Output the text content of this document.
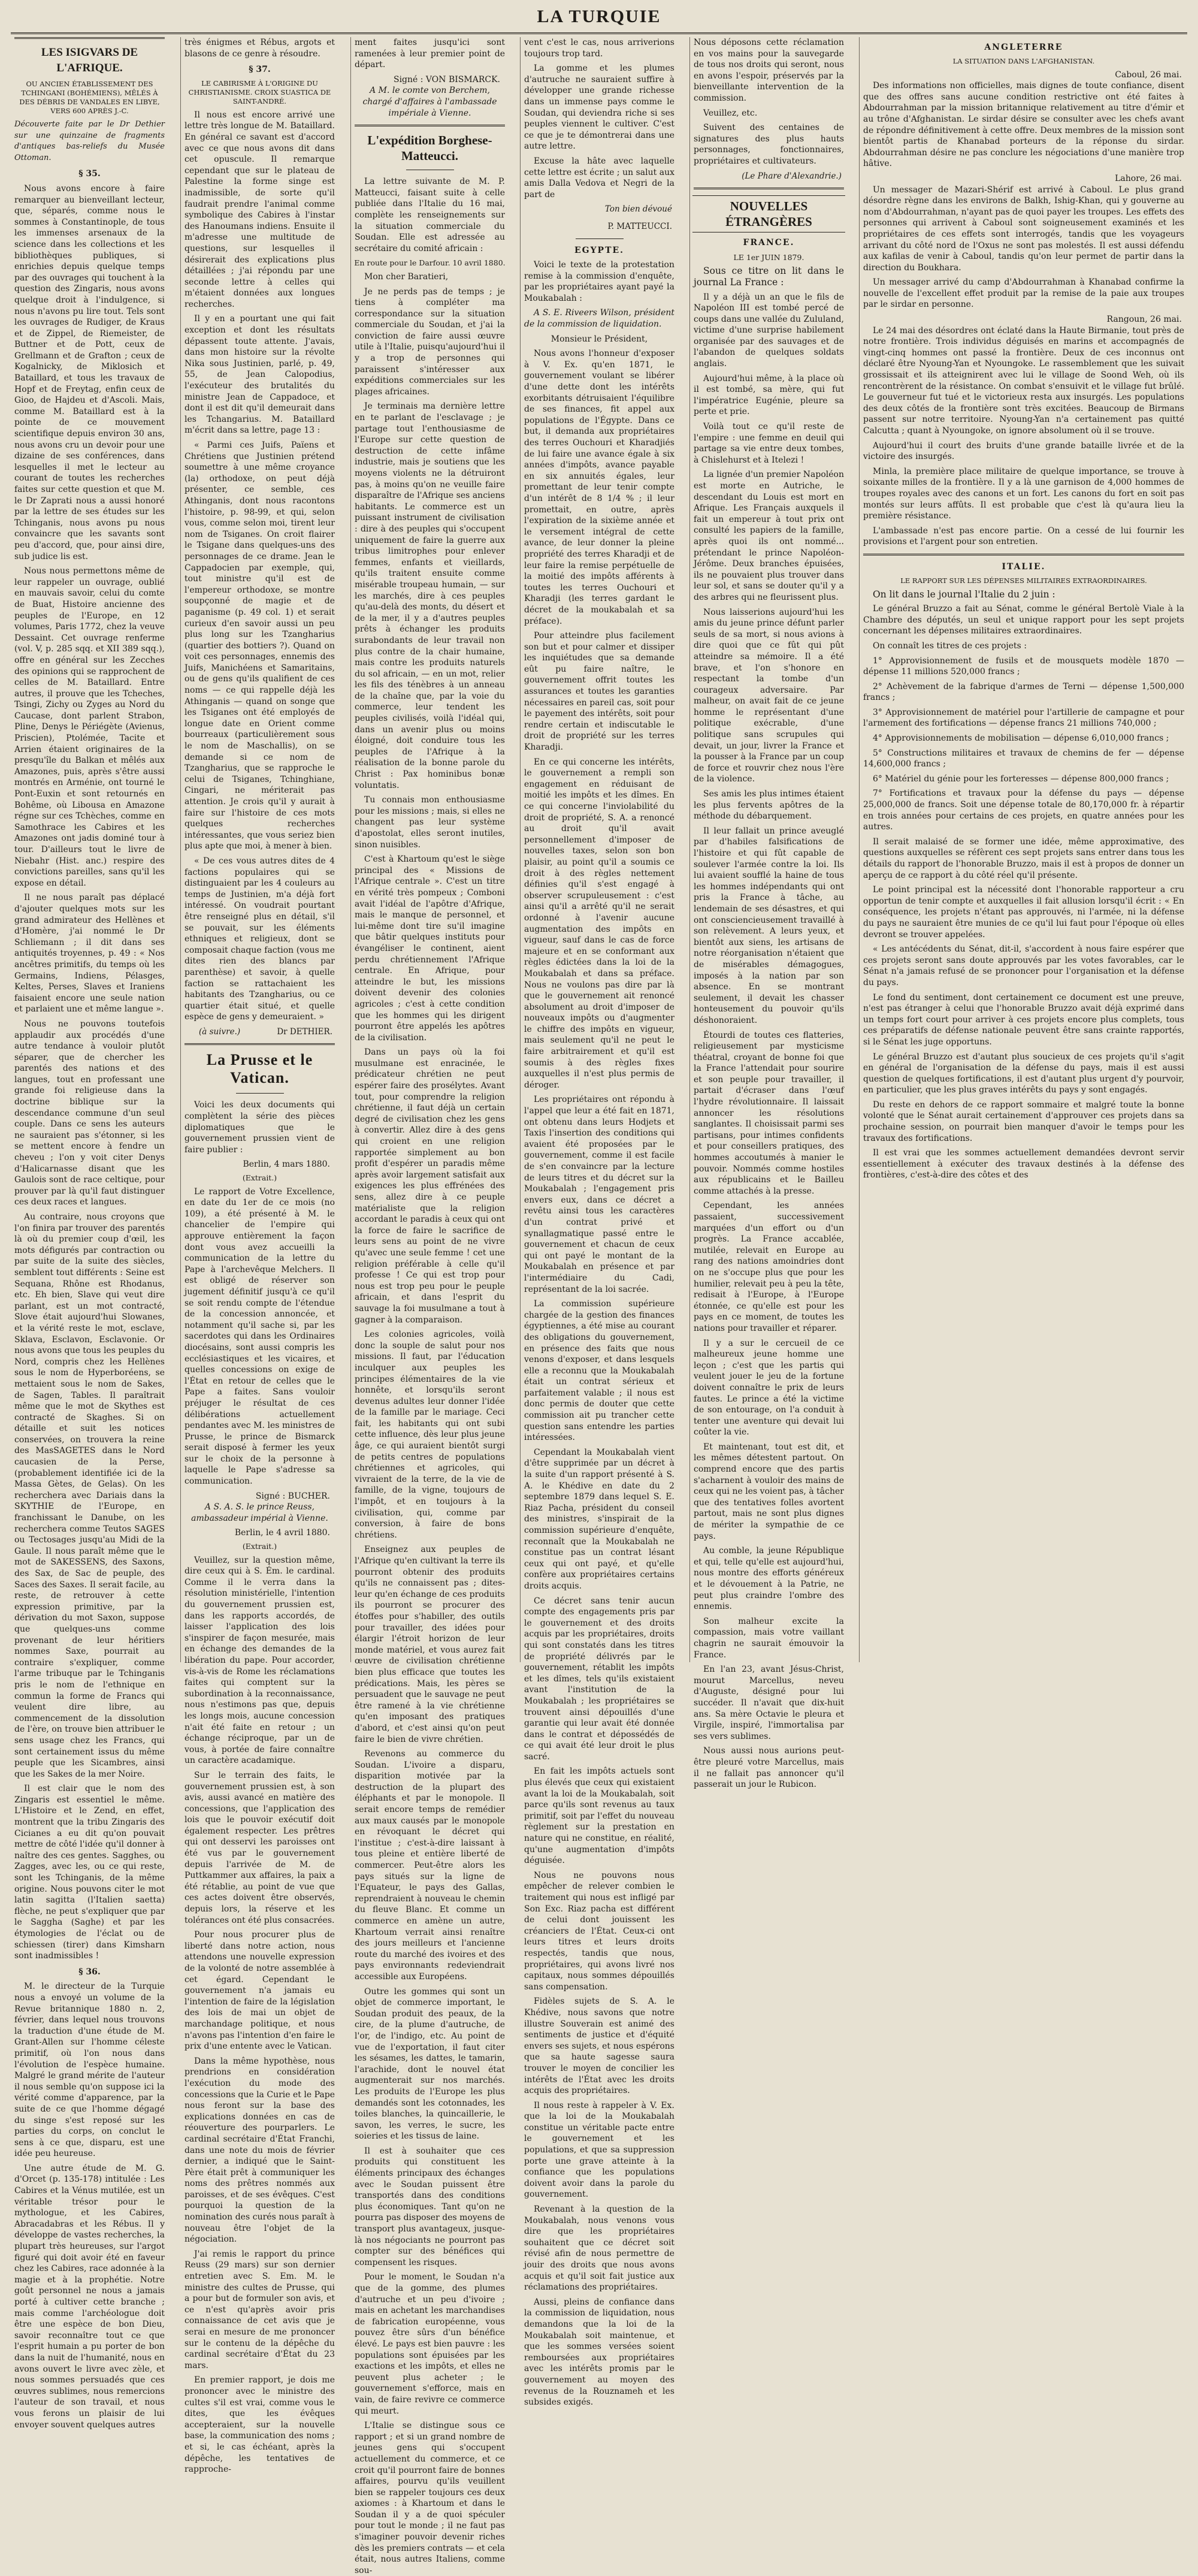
LA TURQUIE
LES ISIGVARS DE L'AFRIQUE.
OU ANCIEN ÉTABLISSEMENT DES TCHINGANI (BOHÉMIENS), MÊLÉS À DES DÉBRIS DE VANDALES EN LIBYE, VERS 600 APRÈS J.-C.

Découverte faite par le Dr Dethier sur une quinzaine de fragments d'antiques bas-reliefs du Musée Ottoman.

§ 35.

Nous avons encore à faire remarquer au bienveillant lecteur, que, séparés, comme nous le sommes à Constantinople, de tous les immenses arsenaux de la science dans les collections et les bibliothèques publiques, si enrichies depuis quelque temps par des ouvrages qui touchent à la question des Zingaris, nous avons quelque droit à l'indulgence, si nous n'avons pu lire tout. Tels sont les ouvrages de Rudiger, de Kraus et de Zippel, de Riemeister, de Buttner et de Pott, ceux de Grellmann et de Grafton ; ceux de Kogalnicky, de Miklosich et Bataillard, et tous les travaux de Hopf et de Freytag, enfin ceux de Gioo, de Hajdeu et d'Ascoli. Mais, comme M. Bataillard est à la pointe de ce mouvement scientifique depuis environ 30 ans, nous avons cru un devoir pour une dizaine de ses conférences, dans lesquelles il met le lecteur au courant de toutes les recherches faites sur cette question et que M. le Dr Zaprati nous a aussi honoré par la lettre de ses études sur les Tchinganis, nous avons pu nous convaincre que les savants sont peu d'accord, que, pour ainsi dire, sub judice lis est.

Nous nous permettons même de leur rappeler un ouvrage, oublié en mauvais savoir, celui du comte de Buat, Histoire ancienne des peuples de l'Europe, en 12 volumes, Paris 1772, chez la veuve Dessaint. Cet ouvrage renferme (vol. V, p. 285 sqq. et XII 389 sqq.), offre en général sur les Zecches des opinions qui se rapprochent de celles de M. Bataillard. Entre autres, il prouve que les Tcheches, Tsingi, Zichy ou Zyges au Nord du Caucase, dont parlent Strabon, Pline, Denys le Périégète (Avienus, Priscien), Ptolémée, Tacite et Arrien étaient originaires de la presqu'île du Balkan et mêlés aux Amazones, puis, après s'être aussi montrés en Arménie, ont tourné le Pont-Euxin et sont retournés en Bohême, où Libousa en Amazone régne sur ces Tchèches, comme en Samothrace les Cabires et les Amazones ont jadis dominé tour à tour. D'ailleurs tout le livre de Niebahr (Hist. anc.) respire des convictions pareilles, sans qu'il les expose en détail.

Il ne nous paraît pas déplacé d'ajouter quelques mots sur les grand admirateur des Hellènes et d'Homère, j'ai nommé le Dr Schliemann ; il dit dans ses antiquités troyennes, p. 49 : « Nos ancêtres primitifs, du temps où les Germains, Indiens, Pélasges, Keltes, Perses, Slaves et Iraniens faisaient encore une seule nation et parlaient une et même langue ».

Nous ne pouvons toutefois applaudir aux procédés d'une autre tendance à vouloir plutôt séparer, que de chercher les parentés des nations et des langues, tout en professant une grande foi religieuse dans la doctrine biblique sur la descendance commune d'un seul couple. Dans ce sens les auteurs ne sauraient pas s'étonner, si les se mettent encore à fendre un cheveu ; l'on y voit citer Denys d'Halicarnasse disant que les Gaulois sont de race celtique, pour prouver par là qu'il faut distinguer ces deux races et langues.

Au contraire, nous croyons que l'on finira par trouver des parentés là où du premier coup d'œil, les mots défigurés par contraction ou par suite de la suite des siècles, semblent tout différents : Seine est Sequana, Rhône est Rhodanus, etc. Eh bien, Slave qui veut dire parlant, est un mot contracté, Slove était aujourd'hui Slowanes, et la vérité reste le mot, esclave, Sklava, Esclavon, Esclavonie. Or nous avons que tous les peuples du Nord, compris chez les Hellènes sous le nom de Hyperboréens, se mettaient sous le nom de Sakes, de Sagen, Tables. Il paraîtrait même que le mot de Skythes est contracté de Skaghes. Si on détaille et suit les notices conservées, on trouvera la reine des MasSAGETES dans le Nord caucasien de la Perse, (probablement identifiée ici de la Massa Gètes, de Gelas). On les recherchera avec Dariais dans la SKYTHIE de l'Europe, en franchissant le Danube, on les recherchera comme Teutos SAGES ou Tectosages jusqu'au Midi de la Gaule. Il nous paraît même que le mot de SAKESSENS, des Saxons, des Sax, de Sac de peuple, des Saces des Saxes. Il serait facile, au reste, de retrouver à cette expression primitive, par la dérivation du mot Saxon, suppose que quelques-uns comme provenant de leur héritiers nommes Saxe, pourrait au contraire s'expliquer, comme l'arme tribuque par le Tchinganis pris le nom de l'ethnique en commun la forme de Francs qui veulent dire libre, au commencement de la dissolution de l'ère, on trouve bien attribuer le sens usage chez les Francs, qui sont certainement issus du même peuple que les Sicambres, ainsi que les Sakes de la mer Noire.

Il est clair que le nom des Zingaris est essentiel le même. L'Histoire et le Zend, en effet, montrent que la tribu Zingaris des Cicianes a eu dit qu'on pouvait mettre de côté l'idée qu'il donner à naître des ces gentes. Sagghes, ou Zagges, avec les, ou ce qui reste, sont les Tchinganis, de la même origine. Nous pouvons citer le mot latin sagitta (l'Italien saetta) flèche, ne peut s'expliquer que par le Saggha (Saghe) et par les étymologies de l'éclat ou de schiessen (tirer) dans Kimsharn sont inadmissibles !

§ 36.

M. le directeur de la Turquie nous a envoyé un volume de la Revue britannique 1880 n. 2, février, dans lequel nous trouvons la traduction d'une étude de M. Grant-Allen sur l'homme céleste primitif, où l'on nous dans l'évolution de l'espèce humaine. Malgré le grand mérite de l'auteur il nous semble qu'on suppose ici la vérité comme d'apparence, par la suite de ce que l'homme dégagé du singe s'est reposé sur les parties du corps, on conclut le sens à ce que, disparu, est une idée peu heureuse.

Une autre étude de M. G. d'Orcet (p. 135-178) intitulée : Les Cabires et la Vénus mutilée, est un véritable trésor pour le mythologue, et les Cabires, Abracadabras et les Rébus. Il y développe de vastes recherches, la plupart très heureuses, sur l'argot figuré qui doit avoir été en faveur chez les Cabires, race adonnée à la magie et à la prophétie. Notre goût personnel ne nous a jamais porté à cultiver cette branche ; mais comme l'archéologue doit être une espèce de bon Dieu, savoir reconnaître tout ce que l'esprit humain a pu porter de bon dans la nuit de l'humanité, nous en avons ouvert le livre avec zèle, et nous sommes persuadés que ces œuvres sublimes, nous remercions l'auteur de son travail, et nous vous ferons un plaisir de lui envoyer souvent quelques autres

très énigmes et Rébus, argots et blasons de ce genre à résoudre.

§ 37.
LE CABIRISME À L'ORIGINE DU CHRISTIANISME. CROIX SUASTICA DE SAINT-ANDRÉ.

Il nous est encore arrivé une lettre très longue de M. Bataillard. En général ce savant est d'accord avec ce que nous avons dit dans cet opuscule. Il remarque cependant que sur le plateau de Palestine la forme singe est inadmissible, de sorte qu'il faudrait prendre l'animal comme symbolique des Cabires à l'instar des Hanoumans indiens. Ensuite il m'adresse une multitude de questions, sur lesquelles il désirerait des explications plus détaillées ; j'ai répondu par une seconde lettre à celles qui m'étaient données aux longues recherches.

Il y en a pourtant une qui fait exception et dont les résultats dépassent toute attente. J'avais, dans mon histoire sur la révolte Nika sous Justinien, parlé, p. 49, 55, de Jean Calopodius, l'exécuteur des brutalités du ministre Jean de Cappadoce, et dont il est dit qu'il demeurait dans les Tchangarius. M. Bataillard m'écrit dans sa lettre, page 13 :

« Parmi ces Juifs, Païens et Chrétiens que Justinien prétend soumettre à une même croyance (la) orthodoxe, on peut déjà présenter, ce semble, ces Athinganis, dont nous racontons l'histoire, p. 98-99, et qui, selon vous, comme selon moi, tirent leur nom de Tsiganes. On croit flairer le Tsigane dans quelques-uns des personnages de ce drame. Jean le Cappadocien par exemple, qui, tout ministre qu'il est de l'empereur orthodoxe, se montre soupçonné de magie et de paganisme (p. 49 col. 1) et serait curieux d'en savoir aussi un peu plus long sur les Tzangharius (quartier des bottiers ?). Quand on voit ces personnages, ennemis des Juifs, Manichéens et Samaritains, ou de gens qu'ils qualifient de ces noms — ce qui rappelle déjà les Athinganis — quand on songe que les Tsiganes ont été employés de longue date en Orient comme bourreaux (particulièrement sous le nom de Maschallis), on se demande si ce nom de Tzangharius, que se rapproche le celui de Tsiganes, Tchinghiane, Cingari, ne mériterait pas attention. Je crois qu'il y aurait à faire sur l'histoire de ces mots quelques recherches intéressantes, que vous seriez bien plus apte que moi, à mener à bien.

« De ces vous autres dites de 4 factions populaires qui se distinguaient par les 4 couleurs au temps de Justinien, m'a déjà fort intéressé. On voudrait pourtant être renseigné plus en détail, s'il se pouvait, sur les éléments ethniques et religieux, dont se composait chaque faction (vous me dites rien des blancs par parenthèse) et savoir, à quelle faction se rattachaient les habitants des Tzangharius, ou ce quartier était situé, et quelle espèce de gens y demeuraient. »

(à suivre.)	Dr DETHIER.
La Prusse et le Vatican.

Voici les deux documents qui complètent la série des pièces diplomatiques que le gouvernement prussien vient de faire publier :

Berlin, 4 mars 1880.
(Extrait.)

Le rapport de Votre Excellence, en date du 1er de ce mois (no 109), a été présenté à M. le chancelier de l'empire qui approuve entièrement la façon dont vous avez accueilli la communication de la lettre du Pape à l'archevêque Melchers. Il est obligé de réserver son jugement définitif jusqu'à ce qu'il se soit rendu compte de l'étendue de la concession annoncée, et notamment qu'il sache si, par les sacerdotes qui dans les Ordinaires diocésains, sont aussi compris les ecclésiastiques et les vicaires, et quelles concessions on exige de l'État en retour de celles que le Pape a faites. Sans vouloir préjuger le résultat de ces délibérations actuellement pendantes avec M. les ministres de Prusse, le prince de Bismarck serait disposé à fermer les yeux sur le choix de la personne à laquelle le Pape s'adresse sa communication.

Signé : BUCHER.

A S. A. S. le prince Reuss, ambassadeur impérial à Vienne.

Berlin, le 4 avril 1880.
(Extrait.)

Veuillez, sur la question même, dire ceux qui à S. Ém. le cardinal. Comme il le verra dans la résolution ministérielle, l'intention du gouvernement prussien est, dans les rapports accordés, de laisser l'application des lois s'inspirer de façon mesurée, mais en échange des demandes de la libération du pape. Pour accorder, vis-à-vis de Rome les réclamations faites qui comptent sur la subordination à la reconnaissance, nous n'estimons pas que, depuis les longs mois, aucune concession n'ait été faite en retour ; un échange réciproque, par un de vous, à portée de faire connaître un caractère acadamique.

Sur le terrain des faits, le gouvernement prussien est, à son avis, aussi avancé en matière des concessions, que l'application des lois que le pouvoir exécutif doit également respecter. Les prêtres qui ont desservi les paroisses ont été vus par le gouvernement depuis l'arrivée de M. de Puttkammer aux affaires, la paix a été rétablie, au point de vue que ces actes doivent être observés, depuis lors, la réserve et les tolérances ont été plus consacrées.

Pour nous procurer plus de liberté dans notre action, nous attendons une nouvelle expression de la volonté de notre assemblée à cet égard. Cependant le gouvernement n'a jamais eu l'intention de faire de la législation des lois de mai un objet de marchandage politique, et nous n'avons pas l'intention d'en faire le prix d'une entente avec le Vatican.

Dans la même hypothèse, nous prendrions en considération l'exécution du mode des concessions que la Curie et le Pape nous feront sur la base des explications données en cas de réouverture des pourparlers. Le cardinal secrétaire d'État Franchi, dans une note du mois de février dernier, a indiqué que le Saint-Père était prêt à communiquer les noms des prêtres nommés aux paroisses, et de ses évêques. C'est pourquoi la question de la nomination des curés nous paraît à nouveau être l'objet de la négociation.

J'ai remis le rapport du prince Reuss (29 mars) sur son dernier entretien avec S. Em. M. le ministre des cultes de Prusse, qui a pour but de formuler son avis, et ce n'est qu'après avoir pris connaissance de cet avis que je serai en mesure de me prononcer sur le contenu de la dépêche du cardinal secrétaire d'État du 23 mars.

En premier rapport, je dois me prononcer avec le ministre des cultes s'il est vrai, comme vous le dites, que les évêques accepteraient, sur la nouvelle base, la communication des noms ; et si, le cas échéant, après la dépêche, les tentatives de rapproche-

ment faites jusqu'ici sont ramenées à leur premier point de départ.

Signé : VON BISMARCK.

A M. le comte von Berchem, chargé d'affaires à l'ambassade impériale à Vienne.

L'expédition Borghese-Matteucci.

La lettre suivante de M. P. Matteucci, faisant suite à celle publiée dans l'Italie du 16 mai, complète les renseignements sur la situation commerciale du Soudan. Elle est adressée au secrétaire du comité africain :

En route pour le Darfour. 10 avril 1880.

Mon cher Baratieri,

Je ne perds pas de temps ; je tiens à compléter ma correspondance sur la situation commerciale du Soudan, et j'ai la conviction de faire aussi œuvre utile à l'Italie, puisqu'aujourd'hui il y a trop de personnes qui paraissent s'intéresser aux expéditions commerciales sur les plages africaines.

Je terminais ma dernière lettre en te parlant de l'esclavage ; je partage tout l'enthousiasme de l'Europe sur cette question de destruction de cette infâme industrie, mais je soutiens que les moyens violents ne la détruiront pas, à moins qu'on ne veuille faire disparaître de l'Afrique ses anciens habitants. Le commerce est un puissant instrument de civilisation : dire à des peuples qui s'occupent uniquement de faire la guerre aux tribus limitrophes pour enlever femmes, enfants et vieillards, qu'ils traitent ensuite comme misérable troupeau humain, — sur les marchés, dire à ces peuples qu'au-delà des monts, du désert et de la mer, il y a d'autres peuples prêts à échanger les produits surabondants de leur travail non plus contre de la chair humaine, mais contre les produits naturels du sol africain, — en un mot, relier les fils des ténèbres à un anneau de la chaîne que, par la voie du commerce, leur tendent les peuples civilisés, voilà l'idéal qui, dans un avenir plus ou moins éloigné, doit conduire tous les peuples de l'Afrique à la réalisation de la bonne parole du Christ : Pax hominibus bonæ voluntatis.

Tu connais mon enthousiasme pour les missions ; mais, si elles ne changent pas leur système d'apostolat, elles seront inutiles, sinon nuisibles.

C'est à Khartoum qu'est le siège principal des « Missions de l'Afrique centrale ». C'est un titre en vérité très pompeux ; Comboni avait l'idéal de l'apôtre d'Afrique, mais le manque de personnel, et lui-même dont tire su'il imagine que bâtir quelques instituts pour évangéliser le continent, aient perdu chrétiennement l'Afrique centrale. En Afrique, pour atteindre le but, les missions doivent devenir des colonies agricoles ; c'est à cette condition que les hommes qui les dirigent pourront être appelés les apôtres de la civilisation.

Dans un pays où la foi musulmane est enracinée, le prédicateur chrétien ne peut espérer faire des prosélytes. Avant tout, pour comprendre la religion chrétienne, il faut déjà un certain degré de civilisation chez les gens à convertir. Allez dire à des gens qui croient en une religion rapportée simplement au bon profit d'espérer un paradis même après avoir largement satisfait aux exigences les plus effrénées des sens, allez dire à ce peuple matérialiste que la religion accordant le paradis à ceux qui ont la force de faire le sacrifice de leurs sens au point de ne vivre qu'avec une seule femme ! cet une religion préférable à celle qu'il professe ! Ce qui est trop pour nous est trop peu pour le peuple africain, et dans l'esprit du sauvage la foi musulmane a tout à gagner à la comparaison.

Les colonies agricoles, voilà donc la souple de salut pour nos missions. Il faut, par l'éducation inculquer aux peuples les principes élémentaires de la vie honnête, et lorsqu'ils seront devenus adultes leur donner l'idée de la famille par le mariage. Ceci fait, les habitants qui ont subi cette influence, dès leur plus jeune âge, ce qui auraient bientôt surgi de petits centres de populations chrétiennes et agricoles, qui vivraient de la terre, de la vie de famille, de la vigne, toujours de l'impôt, et en toujours à la civilisation, qui, comme par conversion, à faire de bons chrétiens.

Enseignez aux peuples de l'Afrique qu'en cultivant la terre ils pourront obtenir des produits qu'ils ne connaissent pas ; dites-leur qu'en échange de ces produits ils pourront se procurer des étoffes pour s'habiller, des outils pour travailler, des idées pour élargir l'étroit horizon de leur monde matériel, et vous aurez fait œuvre de civilisation chrétienne bien plus efficace que toutes les prédications. Mais, les pères se persuadent que le sauvage ne peut être ramené à la vie chrétienne qu'en imposant des pratiques d'abord, et c'est ainsi qu'on peut faire le bien de vivre chrétien.

Revenons au commerce du Soudan. L'ivoire a disparu, disparition motivée par la destruction de la plupart des éléphants et par le monopole. Il serait encore temps de remédier aux maux causés par le monopole en révoquant le décret qui l'institue ; c'est-à-dire laissant à tous pleine et entière liberté de commercer. Peut-être alors les pays situés sur la ligne de l'Equateur, le pays des Gallas, reprendraient à nouveau le chemin du fleuve Blanc. Et comme un commerce en amène un autre, Khartoum verrait ainsi renaître des jours meilleurs et l'ancienne route du marché des ivoires et des pays environnants redeviendrait accessible aux Européens.

Outre les gommes qui sont un objet de commerce important, le Soudan produit des peaux, de la cire, de la plume d'autruche, de l'or, de l'indigo, etc. Au point de vue de l'exportation, il faut citer les sésames, les dattes, le tamarin, l'arachide, dont le nouvel état augmenterait sur nos marchés. Les produits de l'Europe les plus demandés sont les cotonnades, les toiles blanches, la quincaillerie, le savon, les verres, le sucre, les soieries et les tissus de laine.

Il est à souhaiter que ces produits qui constituent les éléments principaux des échanges avec le Soudan puissent être transportés dans des conditions plus économiques. Tant qu'on ne pourra pas disposer des moyens de transport plus avantageux, jusque-là nos négociants ne pourront pas compter sur des bénéfices qui compensent les risques.

Pour le moment, le Soudan n'a que de la gomme, des plumes d'autruche et un peu d'ivoire ; mais en achetant les marchandises de fabrication européenne, vous pouvez être sûrs d'un bénéfice élevé. Le pays est bien pauvre : les populations sont épuisées par les exactions et les impôts, et elles ne peuvent plus acheter ; le gouvernement s'efforce, mais en vain, de faire revivre ce commerce qui meurt.

L'Italie se distingue sous ce rapport ; et si un grand nombre de jeunes gens qui s'occupent actuellement du commerce, et ce croit qu'il pourront faire de bonnes affaires, pourvu qu'ils veuillent bien se rappeler toujours ces deux axiomes : à Khartoum et dans le Soudan il y a de quoi spéculer pour tout le monde ; il ne faut pas s'imaginer pouvoir devenir riches dès les premiers contrats — et cela était, nous autres Italiens, comme sou-

vent c'est le cas, nous arriverions toujours trop tard.

La gomme et les plumes d'autruche ne sauraient suffire à développer une grande richesse dans un immense pays comme le Soudan, qui deviendra riche si ses peuples viennent le cultiver. C'est ce que je te démontrerai dans une autre lettre.

Excuse la hâte avec laquelle cette lettre est écrite ; un salut aux amis Dalla Vedova et Negri de la part de

Ton bien dévoué
P. MATTEUCCI.
EGYPTE.

Voici le texte de la protestation remise à la commission d'enquête, par les propriétaires ayant payé la Moukabalah :

A S. E. Riveers Wilson, président de la commission de liquidation.

Monsieur le Président,

Nous avons l'honneur d'exposer à V. Ex. qu'en 1871, le gouvernement voulant se libérer d'une dette dont les intérêts exorbitants détruisaient l'équilibre de ses finances, fit appel aux populations de l'Égypte. Dans ce but, il demanda aux propriétaires des terres Ouchouri et Kharadjiés de lui faire une avance égale à six années d'impôts, avance payable en six annuités égales, leur promettant de leur tenir compte d'un intérêt de 8 1/4 % ; il leur promettait, en outre, après l'expiration de la sixième année et le versement intégral de cette avance, de leur donner la pleine propriété des terres Kharadji et de leur faire la remise perpétuelle de la moitié des impôts afférents à toutes les terres Ouchouri et Kharadji (les terres gardant le décret de la moukabalah et sa préface).

Pour atteindre plus facilement son but et pour calmer et dissiper les inquiétudes que sa demande eût pu faire naître, le gouvernement offrit toutes les assurances et toutes les garanties nécessaires en pareil cas, soit pour le payement des intérêts, soit pour rendre certain et indiscutable le droit de propriété sur les terres Kharadji.

En ce qui concerne les intérêts, le gouvernement a rempli son engagement en réduisant de moitié les impôts et les dîmes. En ce qui concerne l'inviolabilité du droit de propriété, S. A. a renoncé au droit qu'il avait personnellement d'imposer de nouvelles taxes, selon son bon plaisir, au point qu'il a soumis ce droit à des règles nettement définies qu'il s'est engagé à observer scrupuleusement : c'est ainsi qu'il a arrêté qu'il ne serait ordonné à l'avenir aucune augmentation des impôts en vigueur, sauf dans le cas de force majeure et en se conformant aux règles édictées dans la loi de la Moukabalah et dans sa préface. Nous ne voulons pas dire par là que le gouvernement ait renoncé absolument au droit d'imposer de nouveaux impôts ou d'augmenter le chiffre des impôts en vigueur, mais seulement qu'il ne peut le faire arbitrairement et qu'il est soumis à des règles fixes auxquelles il n'est plus permis de déroger.

Les propriétaires ont répondu à l'appel que leur a été fait en 1871, ont obtenu dans leurs Hodjets et Taxis l'insertion des conditions qui avaient été proposées par le gouvernement, comme il est facile de s'en convaincre par la lecture de leurs titres et du décret sur la Moukabalah ; l'engagement pris envers eux, dans ce décret a revêtu ainsi tous les caractères d'un contrat privé et synallagmatique passé entre le gouvernement et chacun de ceux qui ont payé le montant de la Moukabalah en présence et par l'intermédiaire du Cadi, représentant de la loi sacrée.

La commission supérieure chargée de la gestion des finances égyptiennes, a été mise au courant des obligations du gouvernement, en présence des faits que nous venons d'exposer, et dans lesquels elle a reconnu que la Moukabalah était un contrat sérieux et parfaitement valable ; il nous est donc permis de douter que cette commission ait pu trancher cette question sans entendre les parties intéressées.

Cependant la Moukabalah vient d'être supprimée par un décret à la suite d'un rapport présenté à S. A. le Khédive en date du 2 septembre 1879 dans lequel S. E. Riaz Pacha, président du conseil des ministres, s'inspirait de la commission supérieure d'enquête, reconnaît que la Moukabalah ne constitue pas un contrat lésant ceux qui ont payé, et qu'elle confère aux propriétaires certains droits acquis.

Ce décret sans tenir aucun compte des engagements pris par le gouvernement et des droits acquis par les propriétaires, droits qui sont constatés dans les titres de propriété délivrés par le gouvernement, rétablit les impôts et les dîmes, tels qu'ils existaient avant l'institution de la Moukabalah ; les propriétaires se trouvent ainsi dépouillés d'une garantie qui leur avait été donnée dans le contrat et dépossédés de ce qui avait été leur droit le plus sacré.

En fait les impôts actuels sont plus élevés que ceux qui existaient avant la loi de la Moukabalah, soit parce qu'ils sont revenus au taux primitif, soit par l'effet du nouveau règlement sur la prestation en nature qui ne constitue, en réalité, qu'une augmentation d'impôts déguisée.

Nous ne pouvons nous empêcher de relever combien le traitement qui nous est infligé par Son Exc. Riaz pacha est différent de celui dont jouissent les créanciers de l'État. Ceux-ci ont leurs titres et leurs droits respectés, tandis que nous, propriétaires, qui avons livré nos capitaux, nous sommes dépouillés sans compensation.

Fidèles sujets de S. A. le Khédive, nous savons que notre illustre Souverain est animé des sentiments de justice et d'équité envers ses sujets, et nous espérons que sa haute sagesse saura trouver le moyen de concilier les intérêts de l'État avec les droits acquis des propriétaires.

Il nous reste à rappeler à V. Ex. que la loi de la Moukabalah constitue un véritable pacte entre le gouvernement et les populations, et que sa suppression porte une grave atteinte à la confiance que les populations doivent avoir dans la parole du gouvernement.

Revenant à la question de la Moukabalah, nous venons vous dire que les propriétaires souhaitent que ce décret soit révisé afin de nous permettre de jouir des droits que nous avons acquis et qu'il soit fait justice aux réclamations des propriétaires.

Aussi, pleins de confiance dans la commission de liquidation, nous demandons que la loi de la Moukabalah soit maintenue, et que les sommes versées soient remboursées aux propriétaires avec les intérêts promis par le gouvernement au moyen des revenus de la Rouznameh et les subsides exigés.

Nous déposons cette réclamation en vos mains pour la sauvegarde de tous nos droits qui seront, nous en avons l'espoir, préservés par la bienveillante intervention de la commission.

Veuillez, etc.

Suivent des centaines de signatures des plus hauts personnages, fonctionnaires, propriétaires et cultivateurs.

(Le Phare d'Alexandrie.)
NOUVELLES ÉTRANGÈRES
FRANCE.
LE 1er JUIN 1879.

Sous ce titre on lit dans le journal La France :

Il y a déjà un an que le fils de Napoléon III est tombé percé de coups dans une vallée du Zululand, victime d'une surprise habilement organisée par des sauvages et de l'abandon de quelques soldats anglais.

Aujourd'hui même, à la place où il est tombé, sa mère, qui fut l'impératrice Eugénie, pleure sa perte et prie.

Voilà tout ce qu'il reste de l'empire : une femme en deuil qui partage sa vie entre deux tombes, à Chislehurst et à Itelezi !

La lignée d'un premier Napoléon est morte en Autriche, le descendant du Louis est mort en Afrique. Les Français auxquels il fait un empereur à tout prix ont consulté les papiers de la famille, après quoi ils ont nommé... prétendant le prince Napoléon-Jérôme. Deux branches épuisées, ils ne pouvaient plus trouver dans leur sol, et sans se douter qu'il y a des arbres qui ne fleurissent plus.

Nous laisserions aujourd'hui les amis du jeune prince défunt parler seuls de sa mort, si nous avions à dire quoi que ce fût qui pût atteindre sa mémoire. Il a été brave, et l'on s'honore en respectant la tombe d'un courageux adversaire. Par malheur, on avait fait de ce jeune homme le représentant d'une politique exécrable, d'une politique sans scrupules qui devait, un jour, livrer la France et la pousser à la France par un coup de force et rouvrir chez nous l'ère de la violence.

Ses amis les plus intimes étaient les plus fervents apôtres de la méthode du débarquement.

Il leur fallait un prince aveuglé par d'habiles falsifications de l'histoire et qui fût capable de soulever l'armée contre la loi. Ils lui avaient soufflé la haine de tous les hommes indépendants qui ont pris la France à tâche, au lendemain de ses désastres, et qui ont consciencieusement travaillé à son relèvement. A leurs yeux, et bientôt aux siens, les artisans de notre réorganisation n'étaient que de misérables démagogues, imposés à la nation par son absence. En se montrant seulement, il devait les chasser honteusement du pouvoir qu'ils déshonoraient.

Étourdi de toutes ces flatteries, religieusement par mysticisme théatral, croyant de bonne foi que la France l'attendait pour sourire et son peuple pour travailler, il partait d'écraser dans l'œuf l'hydre révolutionnaire. Il laissait annoncer les résolutions sanglantes. Il choisissait parmi ses partisans, pour intimes confidents et pour conseillers pratiques, des hommes accoutumés à manier le pouvoir. Nommés comme hostiles aux républicains et le Bailleu comme attachés à la presse.

Cependant, les années passaient, successivement marquées d'un effort ou d'un progrès. La France accablée, mutilée, relevait en Europe au rang des nations amoindries dont on ne s'occupe plus que pour les humilier, relevait peu à peu la tête, redisait à l'Europe, à l'Europe étonnée, ce qu'elle est pour les pays en ce moment, de toutes les nations pour travailler et réparer.

Il y a sur le cercueil de ce malheureux jeune homme une leçon ; c'est que les partis qui veulent jouer le jeu de la fortune doivent connaître le prix de leurs fautes. Le prince a été la victime de son entourage, on l'a conduit à tenter une aventure qui devait lui coûter la vie.

Et maintenant, tout est dit, et les mêmes détestent partout. On comprend encore que des partis s'acharnent à vouloir des mains de ceux qui ne les voient pas, à tâcher que des tentatives folles avortent partout, mais ne sont plus dignes de mériter la sympathie de ce pays.

Au comble, la jeune République et qui, telle qu'elle est aujourd'hui, nous montre des efforts généreux et le dévouement à la Patrie, ne peut plus craindre l'ombre des ennemis.

Son malheur excite la compassion, mais votre vaillant chagrin ne saurait émouvoir la France.

En l'an 23, avant Jésus-Christ, mourut Marcellus, neveu d'Auguste, désigné pour lui succéder. Il n'avait que dix-huit ans. Sa mère Octavie le pleura et Virgile, inspiré, l'immortalisa par ses vers sublimes.

Nous aussi nous aurions peut-être pleuré votre Marcellus, mais il ne fallait pas annoncer qu'il passerait un jour le Rubicon.

ANGLETERRE
LA SITUATION DANS L'AFGHANISTAN.
Caboul, 26 mai.

Des informations non officielles, mais dignes de toute confiance, disent que des offres sans aucune condition restrictive ont été faites à Abdourrahman par la mission britannique relativement au titre d'émir et au trône d'Afghanistan. Le sirdar désire se consulter avec les chefs avant de répondre définitivement à cette offre. Deux membres de la mission sont bientôt partis de Khanabad porteurs de la réponse du sirdar. Abdourrahman désire ne pas conclure les négociations d'une manière trop hâtive.

Lahore, 26 mai.

Un messager de Mazari-Shérif est arrivé à Caboul. Le plus grand désordre règne dans les environs de Balkh, Ishig-Khan, qui y gouverne au nom d'Abdourrahman, n'ayant pas de quoi payer les troupes. Les effets des personnes qui arrivent à Caboul sont soigneusement examinés et les propriétaires de ces effets sont interrogés, tandis que les voyageurs arrivant du côté nord de l'Oxus ne sont pas molestés. Il est aussi défendu aux kafilas de venir à Caboul, tandis qu'on leur permet de partir dans la direction du Boukhara.

Un messager arrivé du camp d'Abdourrahman à Khanabad confirme la nouvelle de l'excellent effet produit par la remise de la paie aux troupes par le sirdar en personne.

Rangoun, 26 mai.

Le 24 mai des désordres ont éclaté dans la Haute Birmanie, tout près de notre frontière. Trois individus déguisés en marins et accompagnés de vingt-cinq hommes ont passé la frontière. Deux de ces inconnus ont déclaré être Nyoung-Yan et Nyoungoke. Le rassemblement que les suivait grossissait et ils atteignirent avec lui le village de Soond Weh, où ils rencontrèrent de la résistance. On combat s'ensuivit et le village fut brûlé. Le gouverneur fut tué et le victorieux resta aux insurgés. Les populations des deux côtés de la frontière sont très excitées. Beaucoup de Birmans passent sur notre territoire. Nyoung-Yan n'a certainement pas quitté Calcutta ; quant à Nyoungoke, on ignore absolument où il se trouve.

Aujourd'hui il court des bruits d'une grande bataille livrée et de la victoire des insurgés.

Minla, la première place militaire de quelque importance, se trouve à soixante milles de la frontière. Il y a là une garnison de 4,000 hommes de troupes royales avec des canons et un fort. Les canons du fort en soit pas montés sur leurs affûts. Il est probable que c'est là qu'aura lieu la première résistance.

L'ambassade n'est pas encore partie. On a cessé de lui fournir les provisions et l'argent pour son entretien.

ITALIE.
LE RAPPORT SUR LES DÉPENSES MILITAIRES EXTRAORDINAIRES.

On lit dans le journal l'Italie du 2 juin :

Le général Bruzzo a fait au Sénat, comme le général Bertolè Viale à la Chambre des députés, un seul et unique rapport pour les sept projets concernant les dépenses militaires extraordinaires.

On connaît les titres de ces projets :

1° Approvisionnement de fusils et de mousquets modèle 1870 — dépense 11 millions 520,000 francs ;

2° Achèvement de la fabrique d'armes de Terni — dépense 1,500,000 francs ;

3° Approvisionnement de matériel pour l'artillerie de campagne et pour l'armement des fortifications — dépense francs 21 millions 740,000 ;

4° Approvisionnements de mobilisation — dépense 6,010,000 francs ;

5° Constructions militaires et travaux de chemins de fer — dépense 14,600,000 francs ;

6° Matériel du génie pour les forteresses — dépense 800,000 francs ;

7° Fortifications et travaux pour la défense du pays — dépense 25,000,000 de francs. Soit une dépense totale de 80,170,000 fr. à répartir en trois années pour certains de ces projets, en quatre années pour les autres.

Il serait malaisé de se former une idée, même approximative, des questions auxquelles se réfèrent ces sept projets sans entrer dans tous les détails du rapport de l'honorable Bruzzo, mais il est à propos de donner un aperçu de ce rapport à du côté réel qu'il présente.

Le point principal est la nécessité dont l'honorable rapporteur a cru opportun de tenir compte et auxquelles il fait allusion lorsqu'il écrit : « En conséquence, les projets n'étant pas approuvés, ni l'armée, ni la défense du pays ne sauraient être munies de ce qu'il lui faut pour l'époque où elles devront se trouver appelées.

« Les antécédents du Sénat, dit-il, s'accordent à nous faire espérer que ces projets seront sans doute approuvés par les votes favorables, car le Sénat n'a jamais refusé de se prononcer pour l'organisation et la défense du pays.

Le fond du sentiment, dont certainement ce document est une preuve, n'est pas étranger à celui que l'honorable Bruzzo avait déjà exprimé dans un temps fort court pour arriver à ces projets encore plus complets, tous ces préparatifs de défense nationale peuvent être sans crainte rapportés, si le Sénat les juge opportuns.

Le général Bruzzo est d'autant plus soucieux de ces projets qu'il s'agit en général de l'organisation de la défense du pays, mais il est aussi question de quelques fortifications, il est d'autant plus urgent d'y pourvoir, en particulier, que les plus graves intérêts du pays y sont engagés.

Du reste en dehors de ce rapport sommaire et malgré toute la bonne volonté que le Sénat aurait certainement d'approuver ces projets dans sa prochaine session, on pourrait bien manquer d'avoir le temps pour les travaux des fortifications.

Il est vrai que les sommes actuellement demandées devront servir essentiellement à exécuter des travaux destinés à la défense des frontières, c'est-à-dire des côtes et des
